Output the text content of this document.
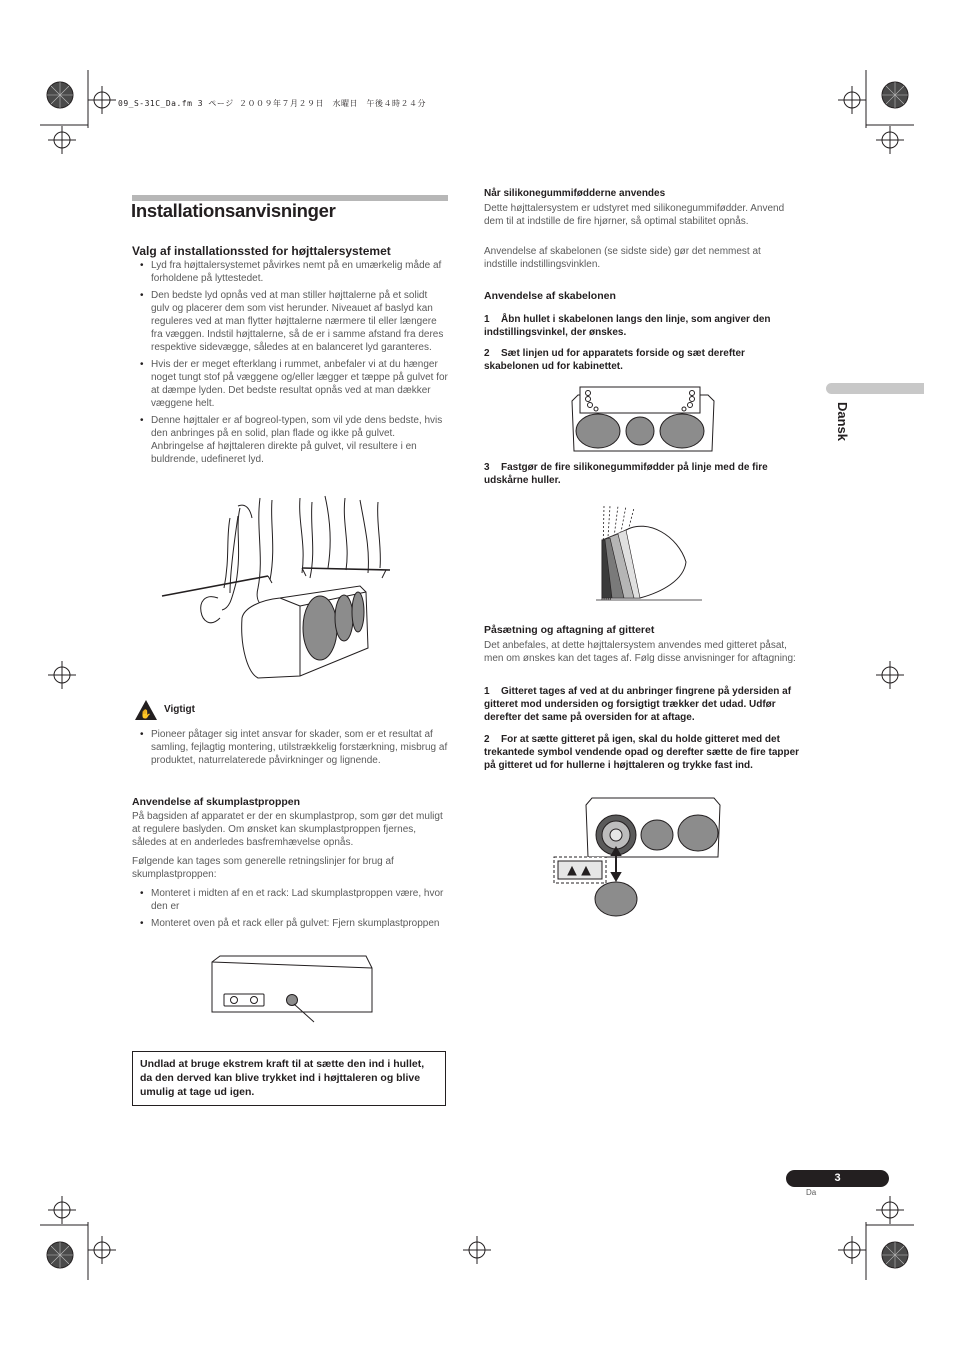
09_S-31C_Da.fm 3 ページ ２００９年７月２９日　水曜日　午後４時２４分
Installationsanvisninger
Valg af installationssted for højttalersystemet
• Lyd fra højttalersystemet påvirkes nemt på en umærkelig måde af forholdene på lyttestedet.
• Den bedste lyd opnås ved at man stiller højttalerne på et solidt gulv og placerer dem som vist herunder. Niveauet af baslyd kan reguleres ved at man flytter højttalerne nærmere til eller længere fra væggen. Indstil højttalerne, så de er i samme afstand fra deres respektive sidevægge, således at en balanceret lyd garanteres.
• Hvis der er meget efterklang i rummet, anbefaler vi at du hænger noget tungt stof på væggene og/eller lægger et tæppe på gulvet for at dæmpe lyden. Det bedste resultat opnås ved at man dækker væggene helt.
• Denne højttaler er af bogreol-typen, som vil yde dens bedste, hvis den anbringes på en solid, plan flade og ikke på gulvet. Anbringelse af højttaleren direkte på gulvet, vil resultere i en buldrende, udefineret lyd.
✋ Vigtigt
• Pioneer påtager sig intet ansvar for skader, som er et resultat af samling, fejlagtig montering, utilstrækkelig forstærkning, misbrug af produktet, naturrelaterede påvirkninger og lignende.
Anvendelse af skumplastproppen

På bagsiden af apparatet er der en skumplastprop, som gør det muligt at regulere baslyden. Om ønsket kan skumplastproppen fjernes, således at en anderledes basfremhævelse opnås.

Følgende kan tages som generelle retningslinjer for brug af skumplastproppen:

• Monteret i midten af en et rack: Lad skumplastproppen være, hvor den er
• Monteret oven på et rack eller på gulvet: Fjern skumplastproppen
Undlad at bruge ekstrem kraft til at sætte den ind i hullet, da den derved kan blive trykket ind i højttaleren og blive umulig at tage ud igen.
Når silikonegummifødderne anvendes

Dette højttalersystem er udstyret med silikonegummifødder. Anvend dem til at indstille de fire hjørner, så optimal stabilitet opnås.

Anvendelse af skabelonen (se sidste side) gør det nemmest at indstille indstillingsvinklen.

Anvendelse af skabelonen

1 Åbn hullet i skabelonen langs den linje, som angiver den indstillingsvinkel, der ønskes.

2 Sæt linjen ud for apparatets forside og sæt derefter skabelonen ud for kabinettet.

3 Fastgør de fire silikonegummifødder på linje med de fire udskårne huller.

Påsætning og aftagning af gitteret

Det anbefales, at dette højttalersystem anvendes med gitteret påsat, men om ønskes kan det tages af. Følg disse anvisninger for aftagning:

1 Gitteret tages af ved at du anbringer fingrene på ydersiden af gitteret mod undersiden og forsigtigt trækker det udad. Udfør derefter det same på oversiden for at aftage.

2 For at sætte gitteret på igen, skal du holde gitteret med det trekantede symbol vendende opad og derefter sætte de fire tapper på gitteret ud for hullerne i højttaleren og trykke fast ind.

Dansk
3
Da
